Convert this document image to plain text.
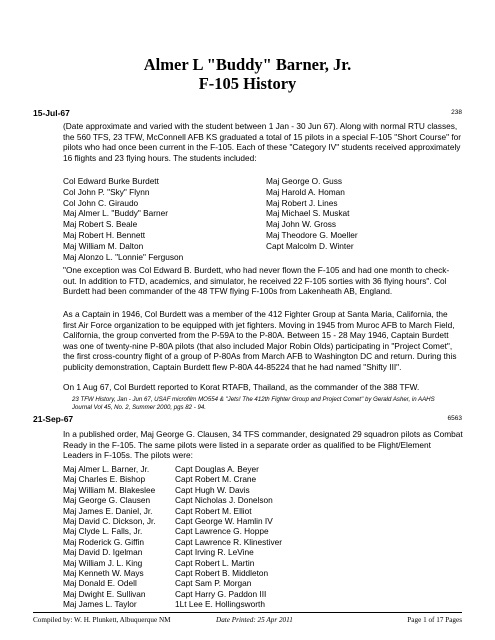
Almer L "Buddy" Barner, Jr.
F-105 History
15-Jul-67	238

(Date approximate and varied with the student between 1 Jan - 30 Jun 67). Along with normal RTU classes, the 560 TFS, 23 TFW, McConnell AFB KS graduated a total of 15 pilots in a special F-105 "Short Course" for pilots who had once been current in the F-105. Each of these "Category IV" students received approximately 16 flights and 23 flying hours. The students included:

Col Edward Burke Burdett
Col John P. "Sky" Flynn
Col John C. Giraudo
Maj Almer L. "Buddy" Barner
Maj Robert S. Beale
Maj Robert H. Bennett
Maj William M. Dalton
Maj Alonzo L. "Lonnie" Ferguson
Maj George O. Guss
Maj Harold A. Homan
Maj Robert J. Lines
Maj Michael S. Muskat
Maj John W. Gross
Maj Theodore G. Moeller
Capt Malcolm D. Winter

"One exception was Col Edward B. Burdett, who had never flown the F-105 and had one month to check-out. In addition to FTD, academics, and simulator, he received 22 F-105 sorties with 36 flying hours". Col Burdett had been commander of the 48 TFW flying F-100s from Lakenheath AB, England.

As a Captain in 1946, Col Burdett was a member of the 412 Fighter Group at Santa Maria, California, the first Air Force organization to be equipped with jet fighters. Moving in 1945 from Muroc AFB to March Field, California, the group converted from the P-59A to the P-80A. Between 15 - 28 May 1946, Captain Burdett was one of twenty-nine P-80A pilots (that also included Major Robin Olds) participating in "Project Comet", the first cross-country flight of a group of P-80As from March AFB to Washington DC and return. During this publicity demonstration, Captain Burdett flew P-80A 44-85224 that he had named "Shifty III".

On 1 Aug 67, Col Burdett reported to Korat RTAFB, Thailand, as the commander of the 388 TFW.

23 TFW History, Jan - Jun 67, USAF microfilm MO554 & "Jets! The 412th Fighter Group and Project Comet" by Gerald Asher, in AAHS Journal Vol 45, No. 2, Summer 2000, pgs 82 - 94.

21-Sep-67	6563

In a published order, Maj George G. Clausen, 34 TFS commander, designated 29 squadron pilots as Combat Ready in the F-105. The same pilots were listed in a separate order as qualified to be Flight/Element Leaders in F-105s. The pilots were:

Maj Almer L. Barner, Jr.
Maj Charles E. Bishop
Maj William M. Blakeslee
Maj George G. Clausen
Maj James E. Daniel, Jr.
Maj David C. Dickson, Jr.
Maj Clyde L. Falls, Jr.
Maj Roderick G. Giffin
Maj David D. Igelman
Maj William J. L. King
Maj Kenneth W. Mays
Maj Donald E. Odell
Maj Dwight E. Sullivan
Maj James L. Taylor
Capt Douglas A. Beyer
Capt Robert M. Crane
Capt Hugh W. Davis
Capt Nicholas J. Donelson
Capt Robert M. Elliot
Capt George W. Hamlin IV
Capt Lawrence G. Hoppe
Capt Lawrence R. Klinestiver
Capt Irving R. LeVine
Capt Robert L. Martin
Capt Robert B. Middleton
Capt Sam P. Morgan
Capt Harry G. Paddon III
1Lt Lee E. Hollingsworth
Compiled by: W. H. Plunkett, Albuquerque NM	Date Printed: 25 Apr 2011	Page 1 of 17 Pages
